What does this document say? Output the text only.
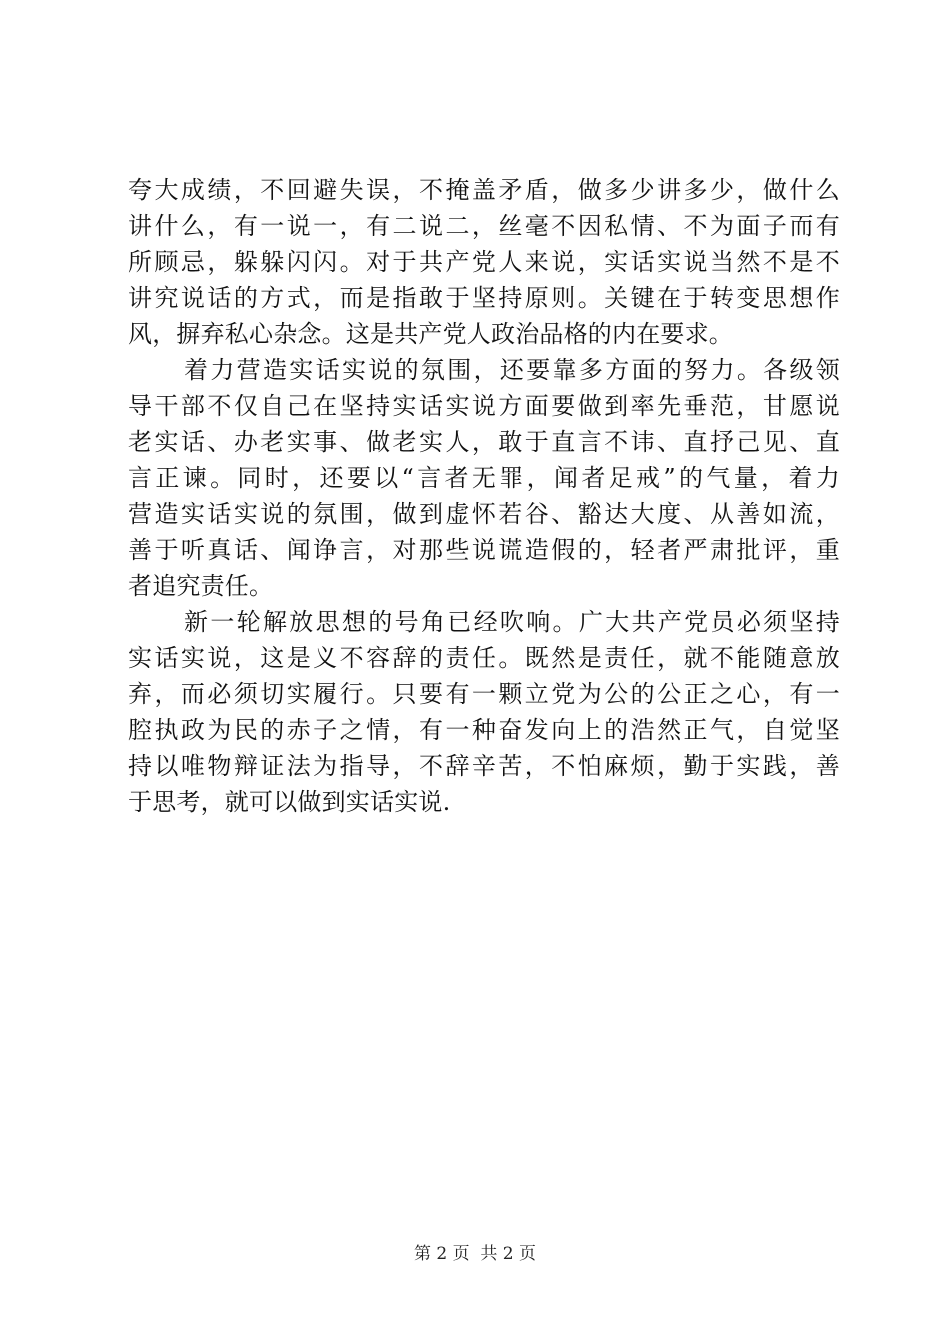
夸大成绩，不回避失误，不掩盖矛盾，做多少讲多少，做什么
讲什么，有一说一，有二说二，丝毫不因私情、不为面子而有
所顾忌，躲躲闪闪。对于共产党人来说，实话实说当然不是不
讲究说话的方式，而是指敢于坚持原则。关键在于转变思想作
风，摒弃私心杂念。这是共产党人政治品格的内在要求。
着力营造实话实说的氛围，还要靠多方面的努力。各级领
导干部不仅自己在坚持实话实说方面要做到率先垂范，甘愿说
老实话、办老实事、做老实人，敢于直言不讳、直抒己见、直
言正谏。同时，还要以“言者无罪，闻者足戒”的气量，着力
营造实话实说的氛围，做到虚怀若谷、豁达大度、从善如流，
善于听真话、闻诤言，对那些说谎造假的，轻者严肃批评，重
者追究责任。
新一轮解放思想的号角已经吹响。广大共产党员必须坚持
实话实说，这是义不容辞的责任。既然是责任，就不能随意放
弃，而必须切实履行。只要有一颗立党为公的公正之心，有一
腔执政为民的赤子之情，有一种奋发向上的浩然正气，自觉坚
持以唯物辩证法为指导，不辞辛苦，不怕麻烦，勤于实践，善
于思考，就可以做到实话实说.
第 2 页 共 2 页
